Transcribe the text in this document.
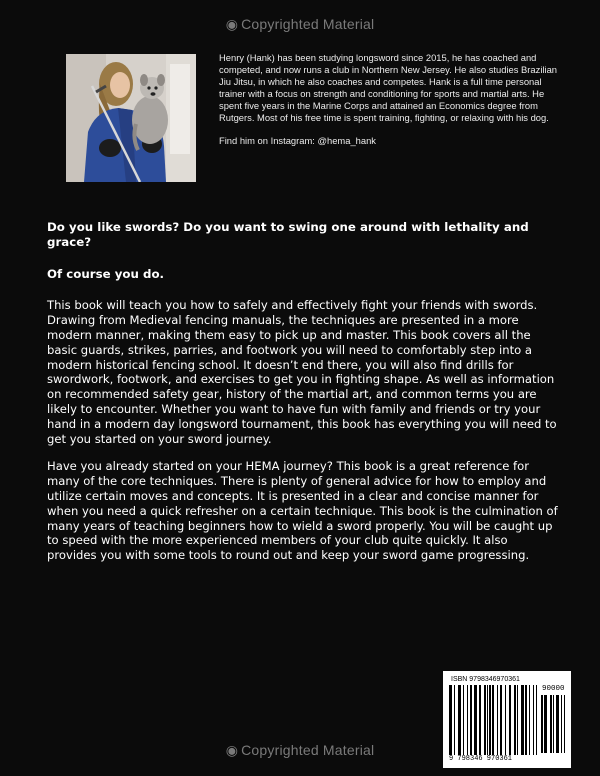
◉ Copyrighted Material

Henry (Hank) has been studying longsword since 2015, he has coached and competed, and now runs a club in Northern New Jersey. He also studies Brazilian Jiu Jitsu, in which he also coaches and competes. Hank is a full time personal trainer with a focus on strength and conditioning for sports and martial arts. He spent five years in the Marine Corps and attained an Economics degree from Rutgers. Most of his free time is spent training, fighting, or relaxing with his dog.

Find him on Instagram: @hema_hank

Do you like swords? Do you want to swing one around with lethality and grace?

Of course you do.

This book will teach you how to safely and effectively fight your friends with swords. Drawing from Medieval fencing manuals, the techniques are presented in a more modern manner, making them easy to pick up and master. This book covers all the basic guards, strikes, parries, and footwork you will need to comfortably step into a modern historical fencing school. It doesn’t end there, you will also find drills for swordwork, footwork, and exercises to get you in fighting shape. As well as information on recommended safety gear, history of the martial art, and common terms you are likely to encounter. Whether you want to have fun with family and friends or try your hand in a modern day longsword tournament, this book has everything you will need to get you started on your sword journey.

Have you already started on your HEMA journey? This book is a great reference for many of the core techniques. There is plenty of general advice for how to employ and utilize certain moves and concepts. It is presented in a clear and concise manner for when you need a quick refresher on a certain technique. This book is the culmination of many years of teaching beginners how to wield a sword properly. You will be caught up to speed with the more experienced members of your club quite quickly. It also provides you with some tools to round out and keep your sword game progressing.

ISBN 9798346970361
90000
9 798346 970361
◉ Copyrighted Material
